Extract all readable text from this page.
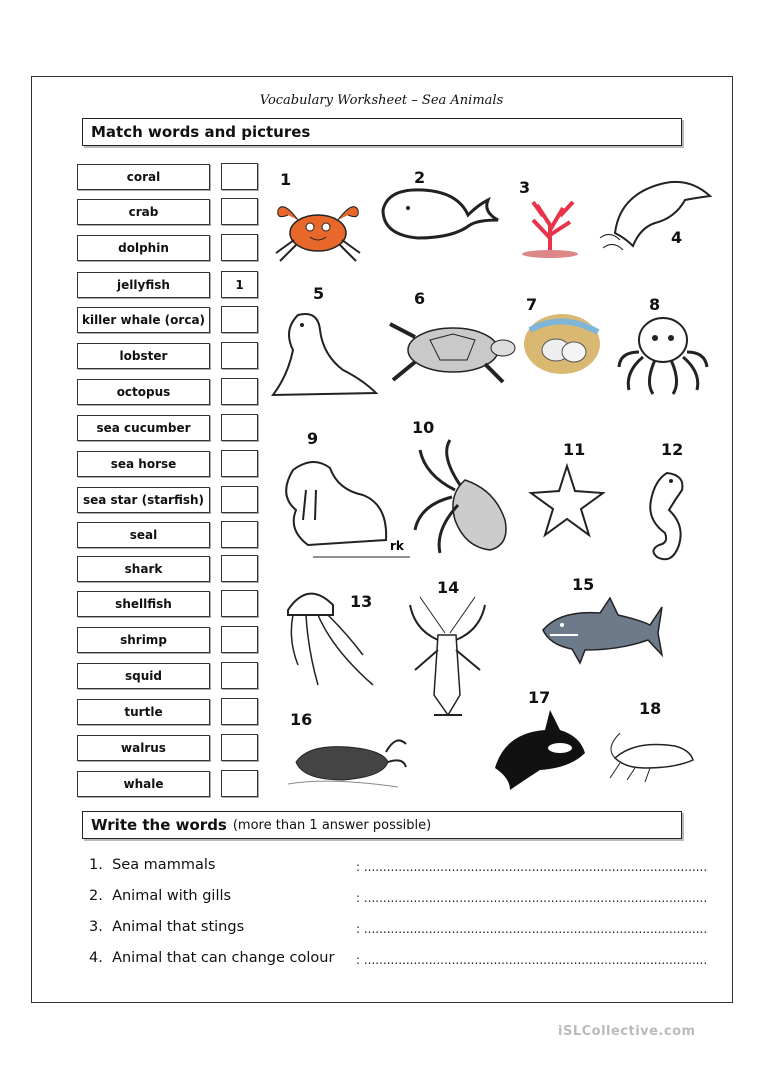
Vocabulary Worksheet – Sea Animals
Match words and pictures
coral
crab
dolphin
jellyfish	1
killer whale (orca)
lobster
octopus
sea cucumber
sea horse
sea star (starfish)
seal
shark
shellfish
shrimp
squid
turtle
walrus
whale
1	2
3
4
5	6	7	8
9
10
11	12
13
14	15
16
17
18
rk
Write the words (more than 1 answer possible)
1. Sea mammals	: ..........................................................................................
2. Animal with gills	: ..........................................................................................
3. Animal that stings	: ..........................................................................................
4. Animal that can change colour : ..........................................................................................
iSLCollective.com
